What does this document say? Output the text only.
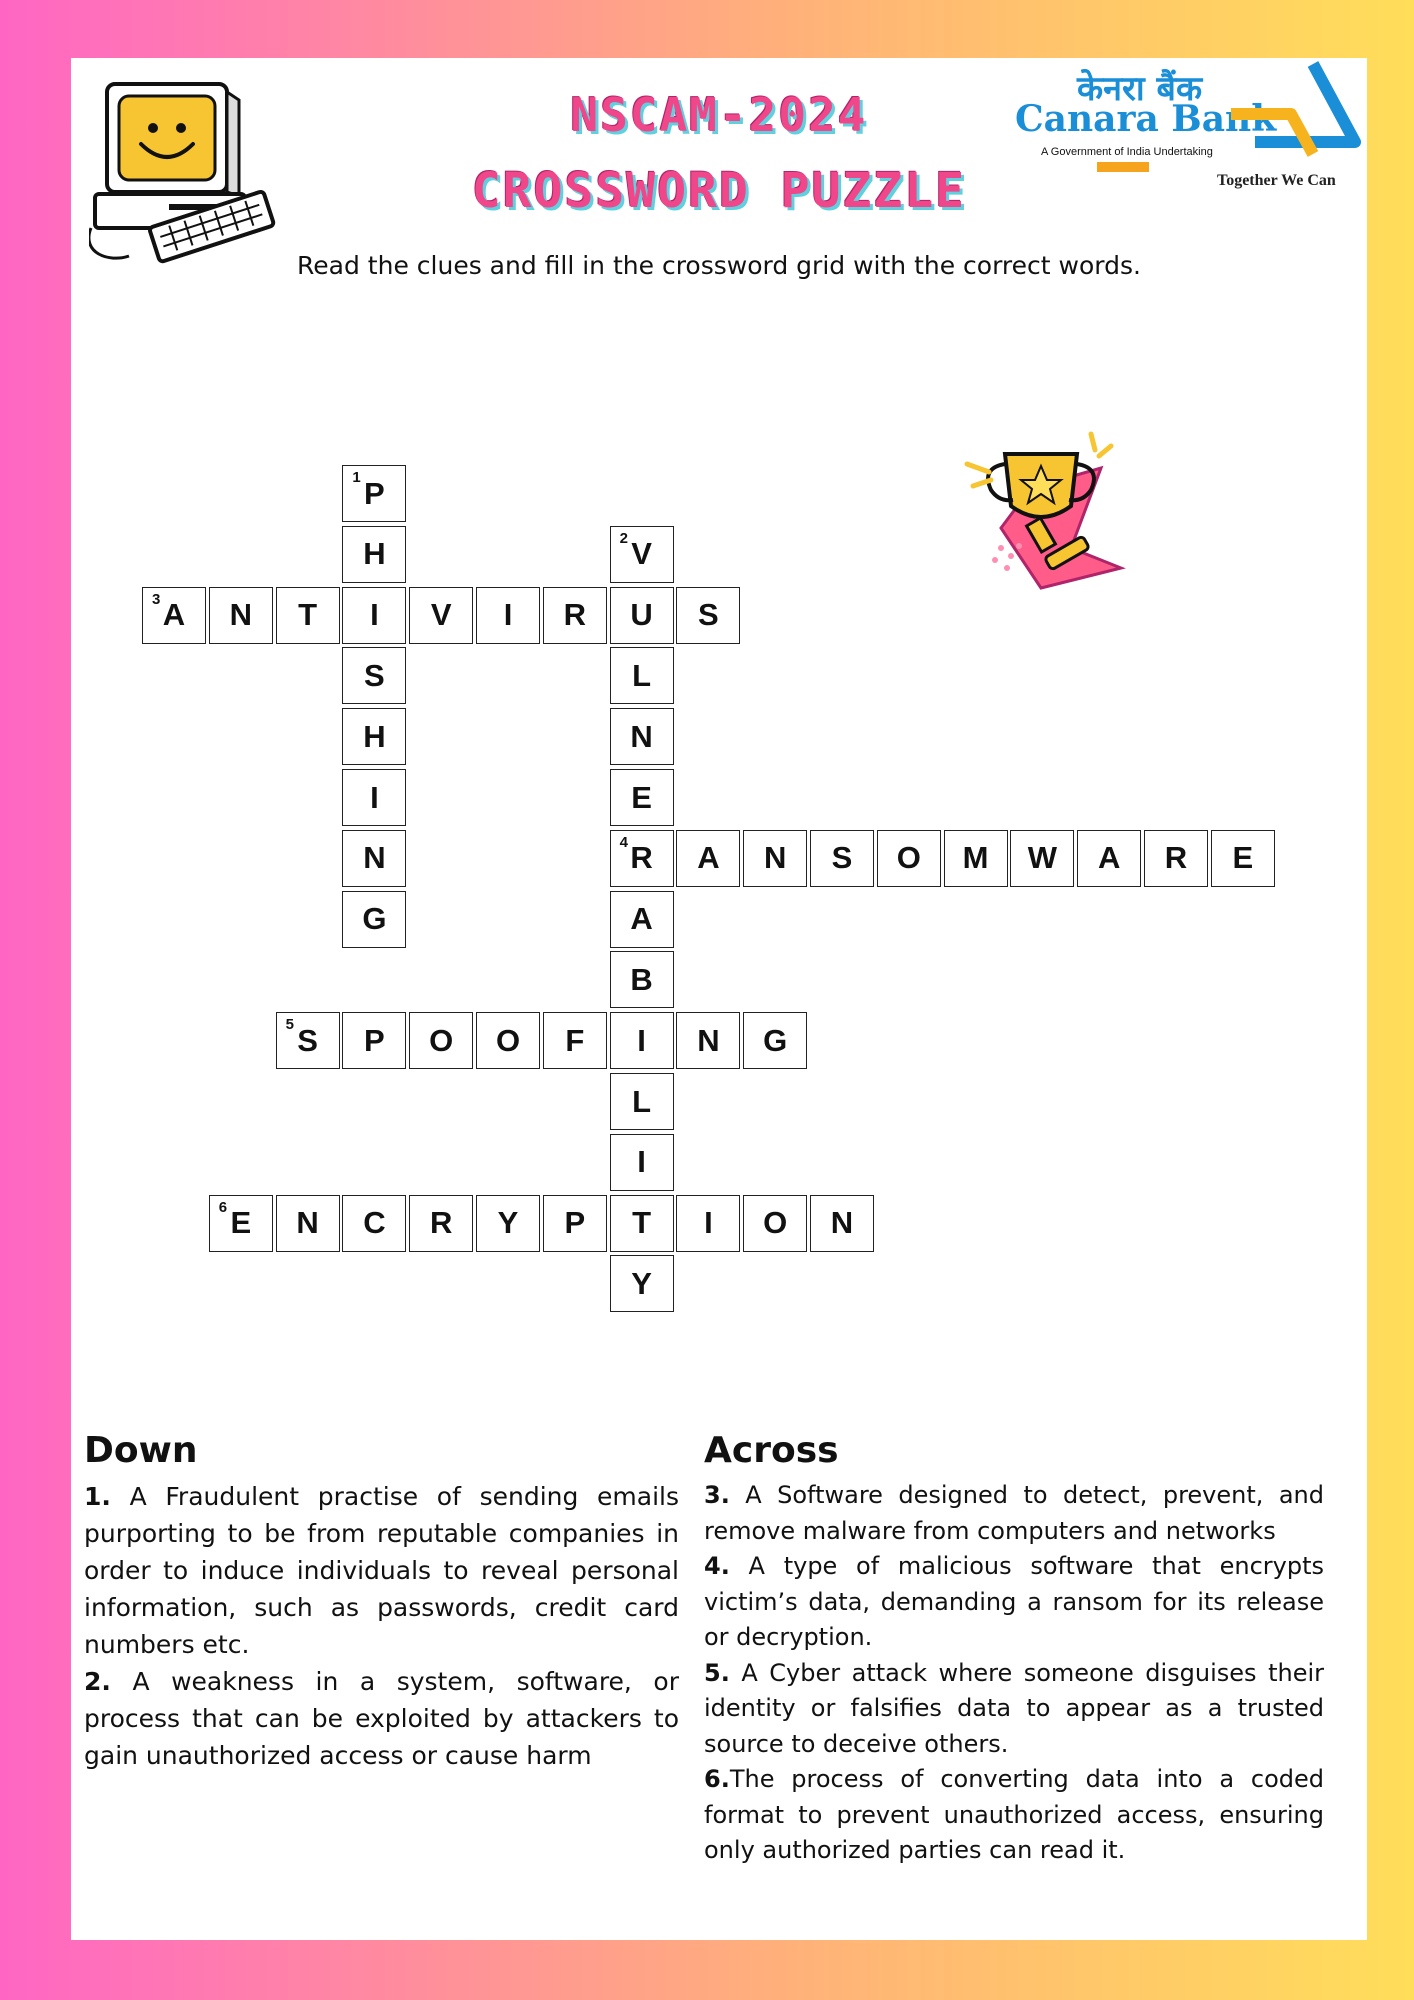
NSCAM-2024
CROSSWORD PUZZLE
केनरा बैंक
Canara Bank
A Government of India Undertaking
Together We Can
Read the clues and fill in the crossword grid with the correct words.
1 P
H
I
S
H
I
N
G
2 V
U
L
N
E
4 R
A
B
I
L
I
T
Y
3 A N T	V I R	S
A N S O M W A R E
5 S P O O F	N G
6 E N C R Y P	I O N
Down	Across

1. A Fraudulent practise of sending emails purporting to be from reputable companies in order to induce individuals to reveal personal information, such as passwords, credit card numbers etc.

2. A weakness in a system, software, or process that can be exploited by attackers to gain unauthorized access or cause harm

3. A Software designed to detect, prevent, and remove malware from computers and networks

4. A type of malicious software that encrypts victim’s data, demanding a ransom for its release or decryption.

5. A Cyber attack where someone disguises their identity or falsifies data to appear as a trusted source to deceive others.

6.The process of converting data into a coded format to prevent unauthorized access, ensuring only authorized parties can read it.
